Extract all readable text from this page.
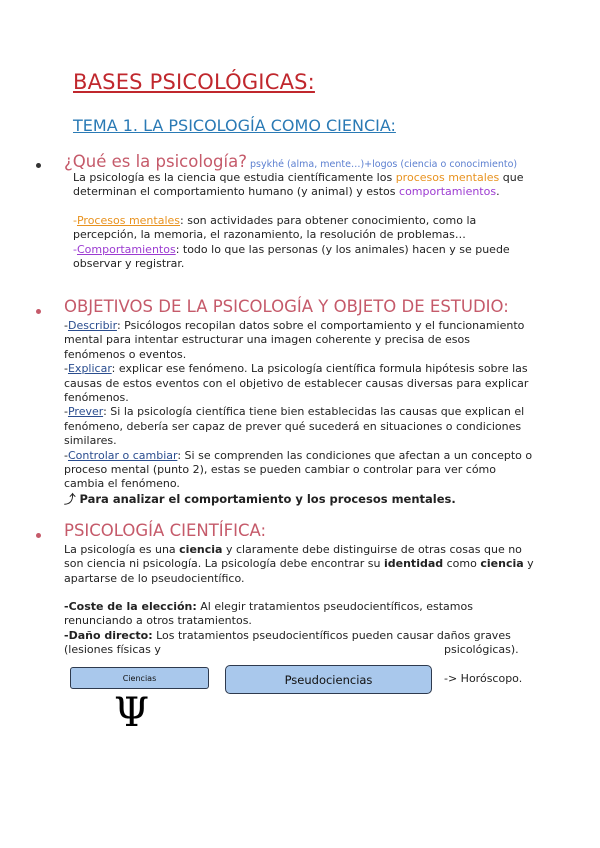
BASES PSICOLÓGICAS:
TEMA 1. LA PSICOLOGÍA COMO CIENCIA:
¿Qué es la psicología? psykhé (alma, mente…)+logos (ciencia o conocimiento)
La psicología es la ciencia que estudia científicamente los procesos mentales que determinan el comportamiento humano (y animal) y estos comportamientos.
-Procesos mentales: son actividades para obtener conocimiento, como la percepción, la memoria, el razonamiento, la resolución de problemas…
-Comportamientos: todo lo que las personas (y los animales) hacen y se puede observar y registrar.
OBJETIVOS DE LA PSICOLOGÍA Y OBJETO DE ESTUDIO:
-Describir: Psicólogos recopilan datos sobre el comportamiento y el funcionamiento mental para intentar estructurar una imagen coherente y precisa de esos fenómenos o eventos.
-Explicar: explicar ese fenómeno. La psicología científica formula hipótesis sobre las causas de estos eventos con el objetivo de establecer causas diversas para explicar fenómenos.
-Prever: Si la psicología científica tiene bien establecidas las causas que explican el fenómeno, debería ser capaz de prever qué sucederá en situaciones o condiciones similares.
-Controlar o cambiar: Si se comprenden las condiciones que afectan a un concepto o proceso mental (punto 2), estas se pueden cambiar o controlar para ver cómo cambia el fenómeno.
⤴ Para analizar el comportamiento y los procesos mentales.
PSICOLOGÍA CIENTÍFICA:
La psicología es una ciencia y claramente debe distinguirse de otras cosas que no son ciencia ni psicología. La psicología debe encontrar su identidad como ciencia y apartarse de lo pseudocientífico.
-Coste de la elección: Al elegir tratamientos pseudocientíficos, estamos renunciando a otros tratamientos.
-Daño directo: Los tratamientos pseudocientíficos pueden causar daños graves
(lesiones físicas y	psicológicas).
Ciencias	Pseudociencias	-> Horóscopo.
Ψ
